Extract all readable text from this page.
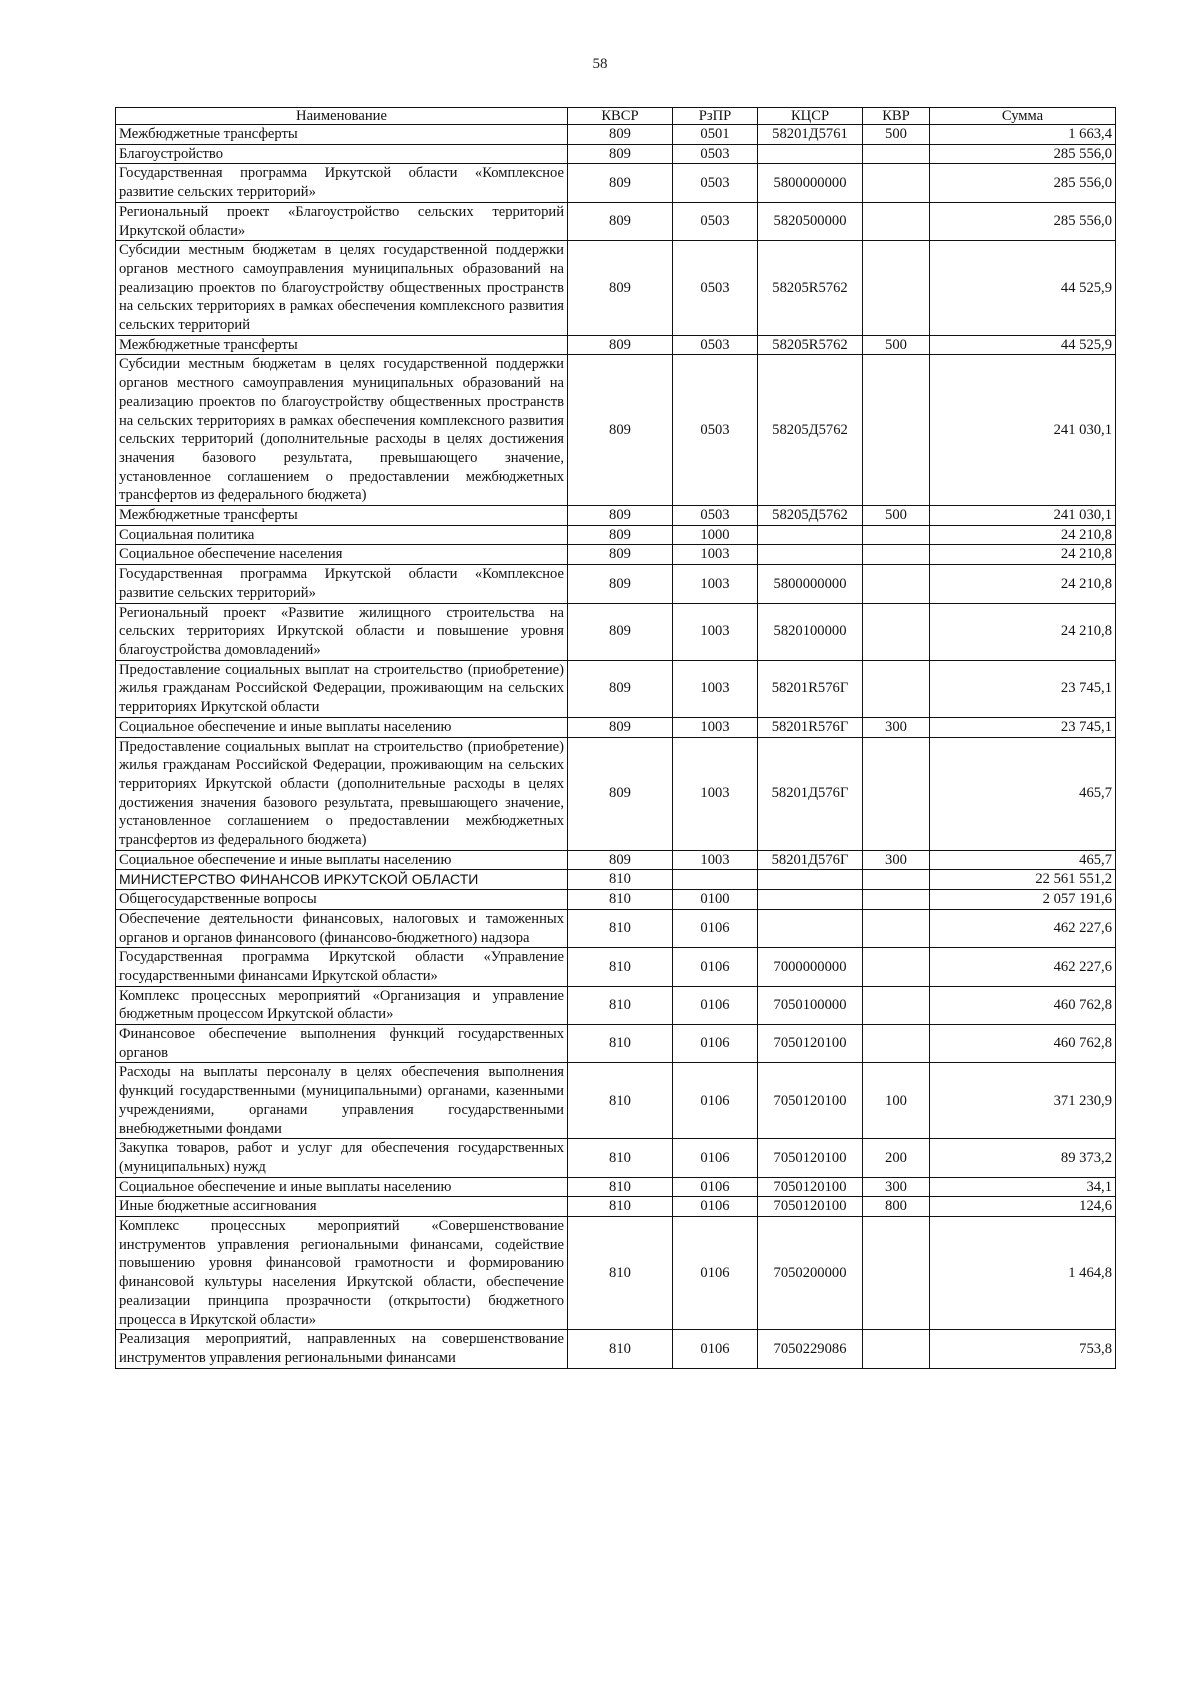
58
Наименование	КВСР	РзПР	КЦСР	КВР	Сумма
Межбюджетные трансферты	809	0501	58201Д5761	500	1 663,4
Благоустройство	809	0503			285 556,0
Государственная программа Иркутской области «Комплексное развитие сельских территорий»	809	0503	5800000000		285 556,0
Региональный проект «Благоустройство сельских территорий Иркутской области»	809	0503	5820500000		285 556,0
Субсидии местным бюджетам в целях государственной поддержки органов местного самоуправления муниципальных образований на реализацию проектов по благоустройству общественных пространств на сельских территориях в рамках обеспечения комплексного развития сельских территорий	809	0503	58205R5762		44 525,9
Межбюджетные трансферты	809	0503	58205R5762	500	44 525,9
Субсидии местным бюджетам в целях государственной поддержки органов местного самоуправления муниципальных образований на реализацию проектов по благоустройству общественных пространств на сельских территориях в рамках обеспечения комплексного развития сельских территорий (дополнительные расходы в целях достижения значения базового результата, превышающего значение, установленное соглашением о предоставлении межбюджетных трансфертов из федерального бюджета)	809	0503	58205Д5762		241 030,1
Межбюджетные трансферты	809	0503	58205Д5762	500	241 030,1
Социальная политика	809	1000			24 210,8
Социальное обеспечение населения	809	1003			24 210,8
Государственная программа Иркутской области «Комплексное развитие сельских территорий»	809	1003	5800000000		24 210,8
Региональный проект «Развитие жилищного строительства на сельских территориях Иркутской области и повышение уровня благоустройства домовладений»	809	1003	5820100000		24 210,8
Предоставление социальных выплат на строительство (приобретение) жилья гражданам Российской Федерации, проживающим на сельских территориях Иркутской области	809	1003	58201R576Г		23 745,1
Социальное обеспечение и иные выплаты населению	809	1003	58201R576Г	300	23 745,1
Предоставление социальных выплат на строительство (приобретение) жилья гражданам Российской Федерации, проживающим на сельских территориях Иркутской области (дополнительные расходы в целях достижения значения базового результата, превышающего значение, установленное соглашением о предоставлении межбюджетных трансфертов из федерального бюджета)	809	1003	58201Д576Г		465,7
Социальное обеспечение и иные выплаты населению	809	1003	58201Д576Г	300	465,7
МИНИСТЕРСТВО ФИНАНСОВ ИРКУТСКОЙ ОБЛАСТИ	810				22 561 551,2
Общегосударственные вопросы	810	0100			2 057 191,6
Обеспечение деятельности финансовых, налоговых и таможенных органов и органов финансового (финансово-бюджетного) надзора	810	0106			462 227,6
Государственная программа Иркутской области «Управление государственными финансами Иркутской области»	810	0106	7000000000		462 227,6
Комплекс процессных мероприятий «Организация и управление бюджетным процессом Иркутской области»	810	0106	7050100000		460 762,8
Финансовое обеспечение выполнения функций государственных органов	810	0106	7050120100		460 762,8
Расходы на выплаты персоналу в целях обеспечения выполнения функций государственными (муниципальными) органами, казенными учреждениями, органами управления государственными внебюджетными фондами	810	0106	7050120100	100	371 230,9
Закупка товаров, работ и услуг для обеспечения государственных (муниципальных) нужд	810	0106	7050120100	200	89 373,2
Социальное обеспечение и иные выплаты населению	810	0106	7050120100	300	34,1
Иные бюджетные ассигнования	810	0106	7050120100	800	124,6
Комплекс процессных мероприятий «Совершенствование инструментов управления региональными финансами, содействие повышению уровня финансовой грамотности и формированию финансовой культуры населения Иркутской области, обеспечение реализации принципа прозрачности (открытости) бюджетного процесса в Иркутской области»	810	0106	7050200000		1 464,8
Реализация мероприятий, направленных на совершенствование инструментов управления региональными финансами	810	0106	7050229086		753,8
